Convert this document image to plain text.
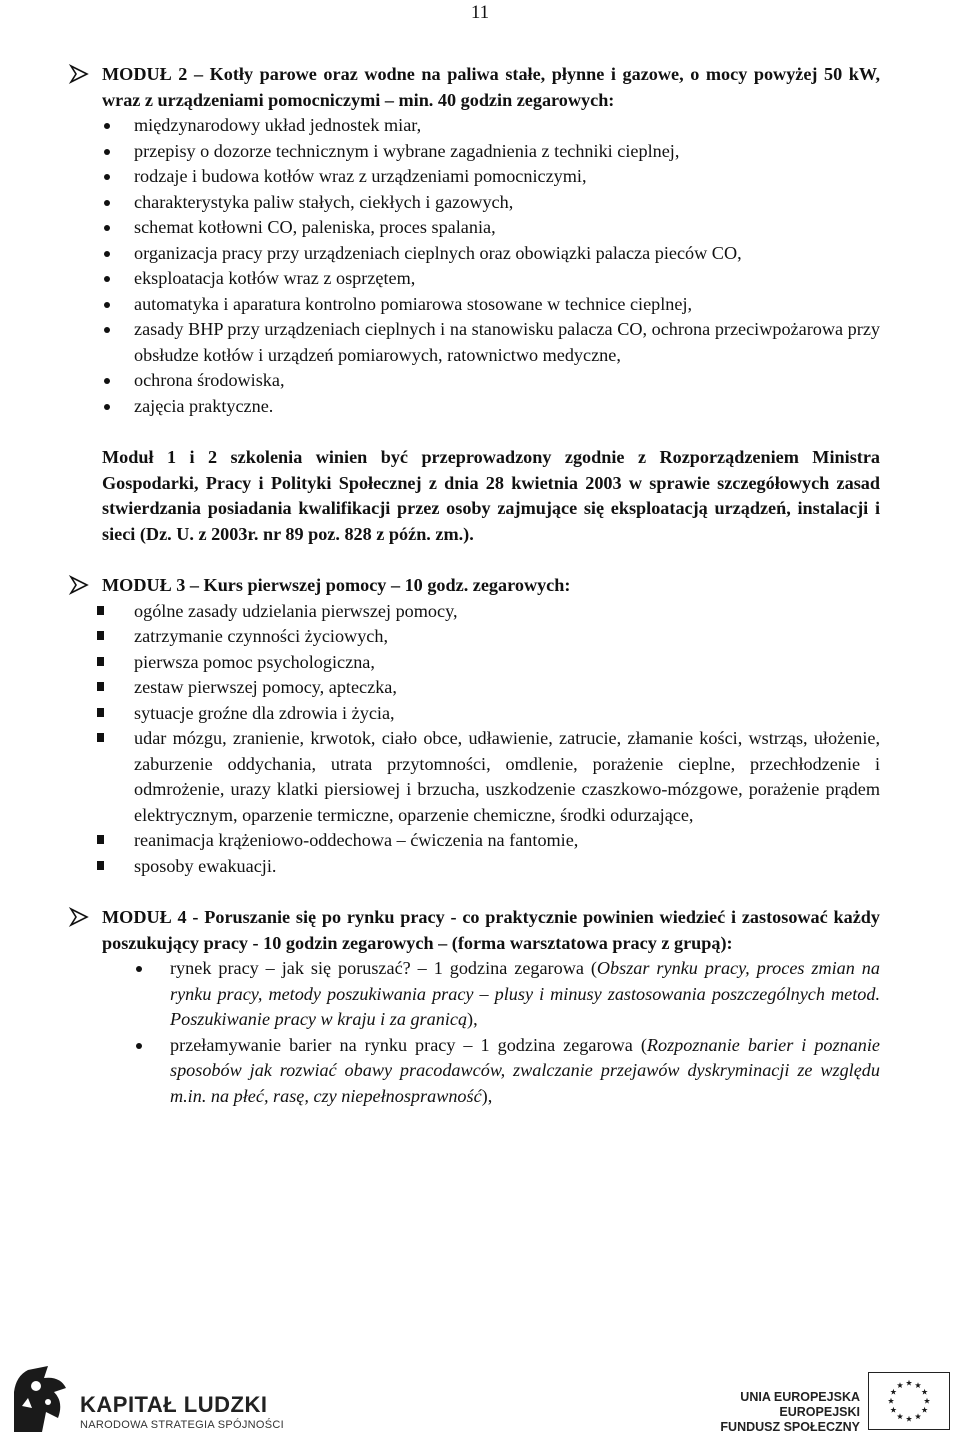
11
MODUŁ 2 – Kotły parowe oraz wodne na paliwa stałe, płynne i gazowe, o mocy powyżej 50 kW, wraz z urządzeniami pomocniczymi – min. 40 godzin zegarowych:
międzynarodowy układ jednostek miar,
przepisy o dozorze technicznym i wybrane zagadnienia z techniki cieplnej,
rodzaje i budowa kotłów wraz z urządzeniami pomocniczymi,
charakterystyka paliw stałych, ciekłych i gazowych,
schemat kotłowni CO, paleniska, proces spalania,
organizacja pracy przy urządzeniach cieplnych oraz obowiązki palacza pieców CO,
eksploatacja kotłów wraz z osprzętem,
automatyka i aparatura kontrolno pomiarowa stosowane w technice cieplnej,
zasady BHP przy urządzeniach cieplnych i na stanowisku palacza CO, ochrona przeciwpożarowa przy obsłudze kotłów i urządzeń pomiarowych, ratownictwo medyczne,
ochrona środowiska,
zajęcia praktyczne.
Moduł 1 i 2 szkolenia winien być przeprowadzony zgodnie z Rozporządzeniem Ministra Gospodarki, Pracy i Polityki Społecznej z dnia 28 kwietnia 2003 w sprawie szczegółowych zasad stwierdzania posiadania kwalifikacji przez osoby zajmujące się eksploatacją urządzeń, instalacji i sieci (Dz. U. z 2003r. nr 89 poz. 828 z późn. zm.).
MODUŁ 3 – Kurs pierwszej pomocy – 10 godz. zegarowych:
ogólne zasady udzielania pierwszej pomocy,
zatrzymanie czynności życiowych,
pierwsza pomoc psychologiczna,
zestaw pierwszej pomocy, apteczka,
sytuacje groźne dla zdrowia i życia,
udar mózgu, zranienie, krwotok, ciało obce, udławienie, zatrucie, złamanie kości, wstrząs, ułożenie, zaburzenie oddychania, utrata przytomności, omdlenie, porażenie cieplne, przechłodzenie i odmrożenie, urazy klatki piersiowej i brzucha, uszkodzenie czaszkowo-mózgowe, porażenie prądem elektrycznym, oparzenie termiczne, oparzenie chemiczne, środki odurzające,
reanimacja krążeniowo-oddechowa – ćwiczenia na fantomie,
sposoby ewakuacji.
MODUŁ 4 - Poruszanie się po rynku pracy - co praktycznie powinien wiedzieć i zastosować każdy poszukujący pracy - 10 godzin zegarowych – (forma warsztatowa pracy z grupą):
rynek pracy – jak się poruszać? – 1 godzina zegarowa (Obszar rynku pracy, proces zmian na rynku pracy, metody poszukiwania pracy – plusy i minusy zastosowania poszczególnych metod. Poszukiwanie pracy w kraju i za granicą),
przełamywanie barier na rynku pracy – 1 godzina zegarowa (Rozpoznanie barier i poznanie sposobów jak rozwiać obawy pracodawców, zwalczanie przejawów dyskryminacji ze względu m.in. na płeć, rasę, czy niepełnosprawność),
KAPITAŁ LUDZKI
NARODOWA STRATEGIA SPÓJNOŚCI
UNIA EUROPEJSKA
EUROPEJSKI
FUNDUSZ SPOŁECZNY
